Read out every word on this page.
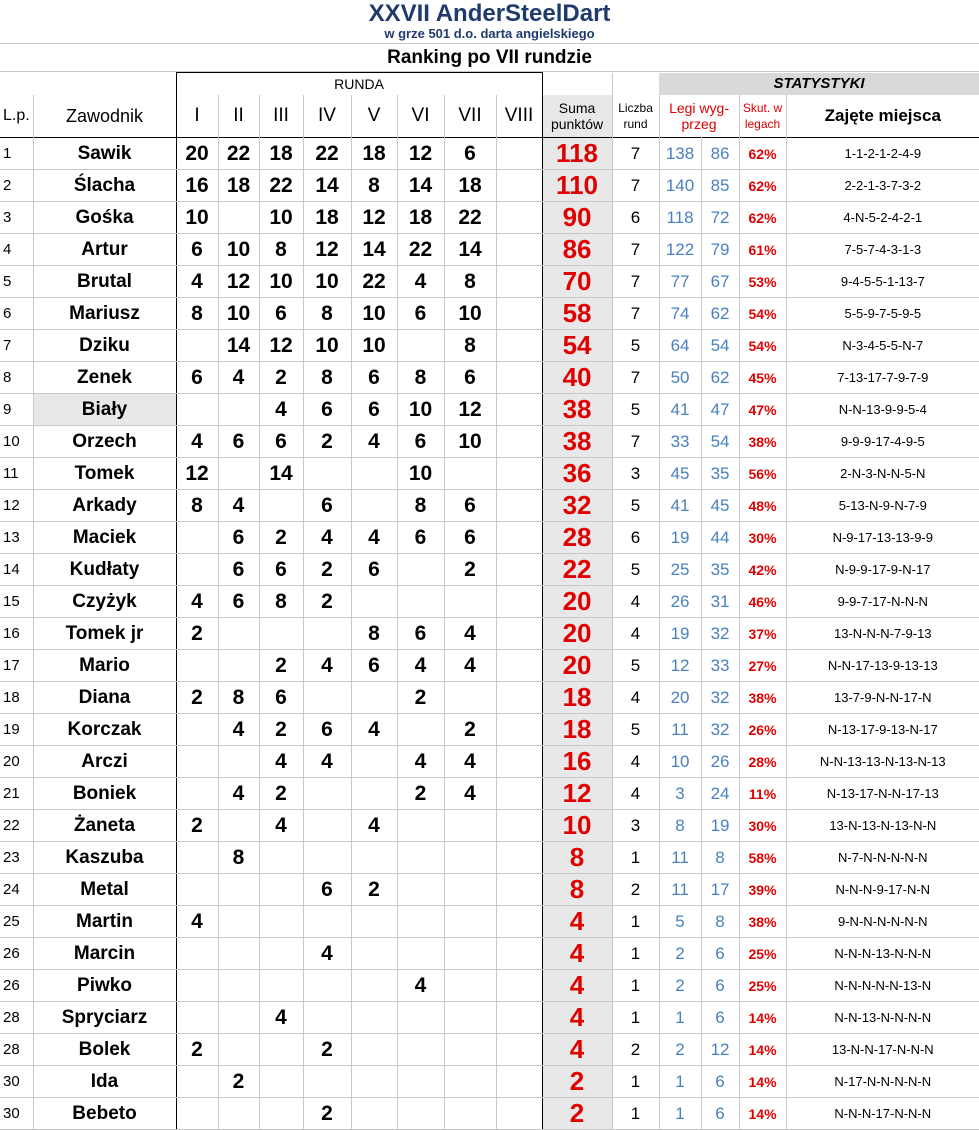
XXVII AnderSteelDart
w grze 501 d.o. darta angielskiego
Ranking po VII rundzie
		RUNDA										STATYSTYKI			
L.p.	Zawodnik	I	II	III	IV	V	VI	VII	VIII	Suma punktów	Liczba rund	Legi wyg-przeg		Skut. w legach	Zajęte miejsca
1	Sawik	20	22	18	22	18	12	6		118	7	138	86	62%	1-1-2-1-2-4-9
2	Ślacha	16	18	22	14	8	14	18		110	7	140	85	62%	2-2-1-3-7-3-2
3	Gośka	10		10	18	12	18	22		90	6	118	72	62%	4-N-5-2-4-2-1
4	Artur	6	10	8	12	14	22	14		86	7	122	79	61%	7-5-7-4-3-1-3
5	Brutal	4	12	10	10	22	4	8		70	7	77	67	53%	9-4-5-5-1-13-7
6	Mariusz	8	10	6	8	10	6	10		58	7	74	62	54%	5-5-9-7-5-9-5
7	Dziku		14	12	10	10		8		54	5	64	54	54%	N-3-4-5-5-N-7
8	Zenek	6	4	2	8	6	8	6		40	7	50	62	45%	7-13-17-7-9-7-9
9	Biały			4	6	6	10	12		38	5	41	47	47%	N-N-13-9-9-5-4
10	Orzech	4	6	6	2	4	6	10		38	7	33	54	38%	9-9-9-17-4-9-5
11	Tomek	12		14			10			36	3	45	35	56%	2-N-3-N-N-5-N
12	Arkady	8	4		6		8	6		32	5	41	45	48%	5-13-N-9-N-7-9
13	Maciek		6	2	4	4	6	6		28	6	19	44	30%	N-9-17-13-13-9-9
14	Kudłaty		6	6	2	6		2		22	5	25	35	42%	N-9-9-17-9-N-17
15	Czyżyk	4	6	8	2					20	4	26	31	46%	9-9-7-17-N-N-N
16	Tomek jr	2				8	6	4		20	4	19	32	37%	13-N-N-N-7-9-13
17	Mario			2	4	6	4	4		20	5	12	33	27%	N-N-17-13-9-13-13
18	Diana	2	8	6			2			18	4	20	32	38%	13-7-9-N-N-17-N
19	Korczak		4	2	6	4		2		18	5	11	32	26%	N-13-17-9-13-N-17
20	Arczi			4	4		4	4		16	4	10	26	28%	N-N-13-13-N-13-N-13
21	Boniek		4	2			2	4		12	4	3	24	11%	N-13-17-N-N-17-13
22	Żaneta	2		4		4				10	3	8	19	30%	13-N-13-N-13-N-N
23	Kaszuba		8							8	1	11	8	58%	N-7-N-N-N-N-N
24	Metal				6	2				8	2	11	17	39%	N-N-N-9-17-N-N
25	Martin	4								4	1	5	8	38%	9-N-N-N-N-N-N
26	Marcin				4					4	1	2	6	25%	N-N-N-13-N-N-N
26	Piwko						4			4	1	2	6	25%	N-N-N-N-N-13-N
28	Spryciarz			4						4	1	1	6	14%	N-N-13-N-N-N-N
28	Bolek	2			2					4	2	2	12	14%	13-N-N-17-N-N-N
30	Ida		2							2	1	1	6	14%	N-17-N-N-N-N-N
30	Bebeto				2					2	1	1	6	14%	N-N-N-17-N-N-N
